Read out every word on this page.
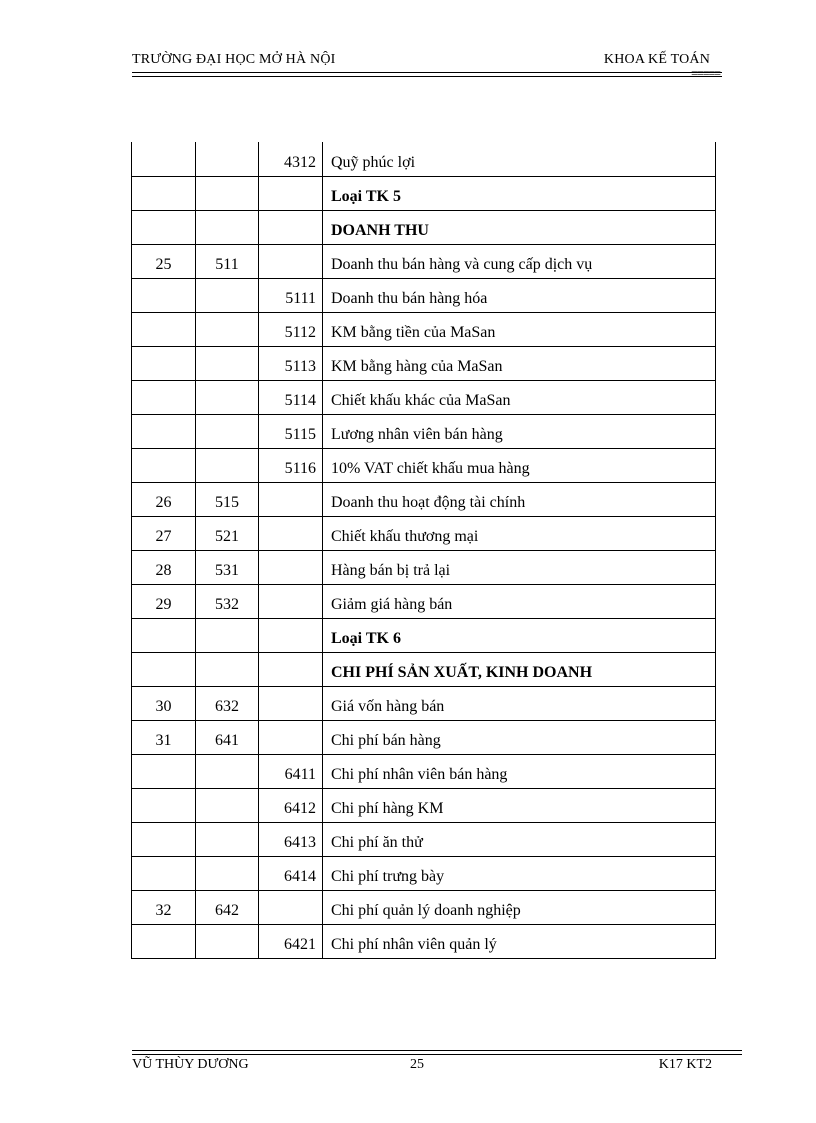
TRƯỜNG ĐẠI HỌC MỞ HÀ NỘI	KHOA KẾ TOÁN
=====
		4312	Quỹ phúc lợi
			Loại TK 5
			DOANH THU
25	511		Doanh thu bán hàng và cung cấp dịch vụ
		5111	Doanh thu bán hàng hóa
		5112	KM bằng tiền của MaSan
		5113	KM bằng hàng của MaSan
		5114	Chiết khấu khác của MaSan
		5115	Lương nhân viên bán hàng
		5116	10% VAT chiết khấu mua hàng
26	515		Doanh thu hoạt động tài chính
27	521		Chiết khấu thương mại
28	531		Hàng bán bị trả lại
29	532		Giảm giá hàng bán
			Loại TK 6
			CHI PHÍ SẢN XUẤT, KINH DOANH
30	632		Giá vốn hàng bán
31	641		Chi phí bán hàng
		6411	Chi phí nhân viên bán hàng
		6412	Chi phí hàng KM
		6413	Chi phí ăn thử
		6414	Chi phí trưng bày
32	642		Chi phí quản lý doanh nghiệp
		6421	Chi phí nhân viên quản lý
VŨ THÙY DƯƠNG	25	K17 KT2
